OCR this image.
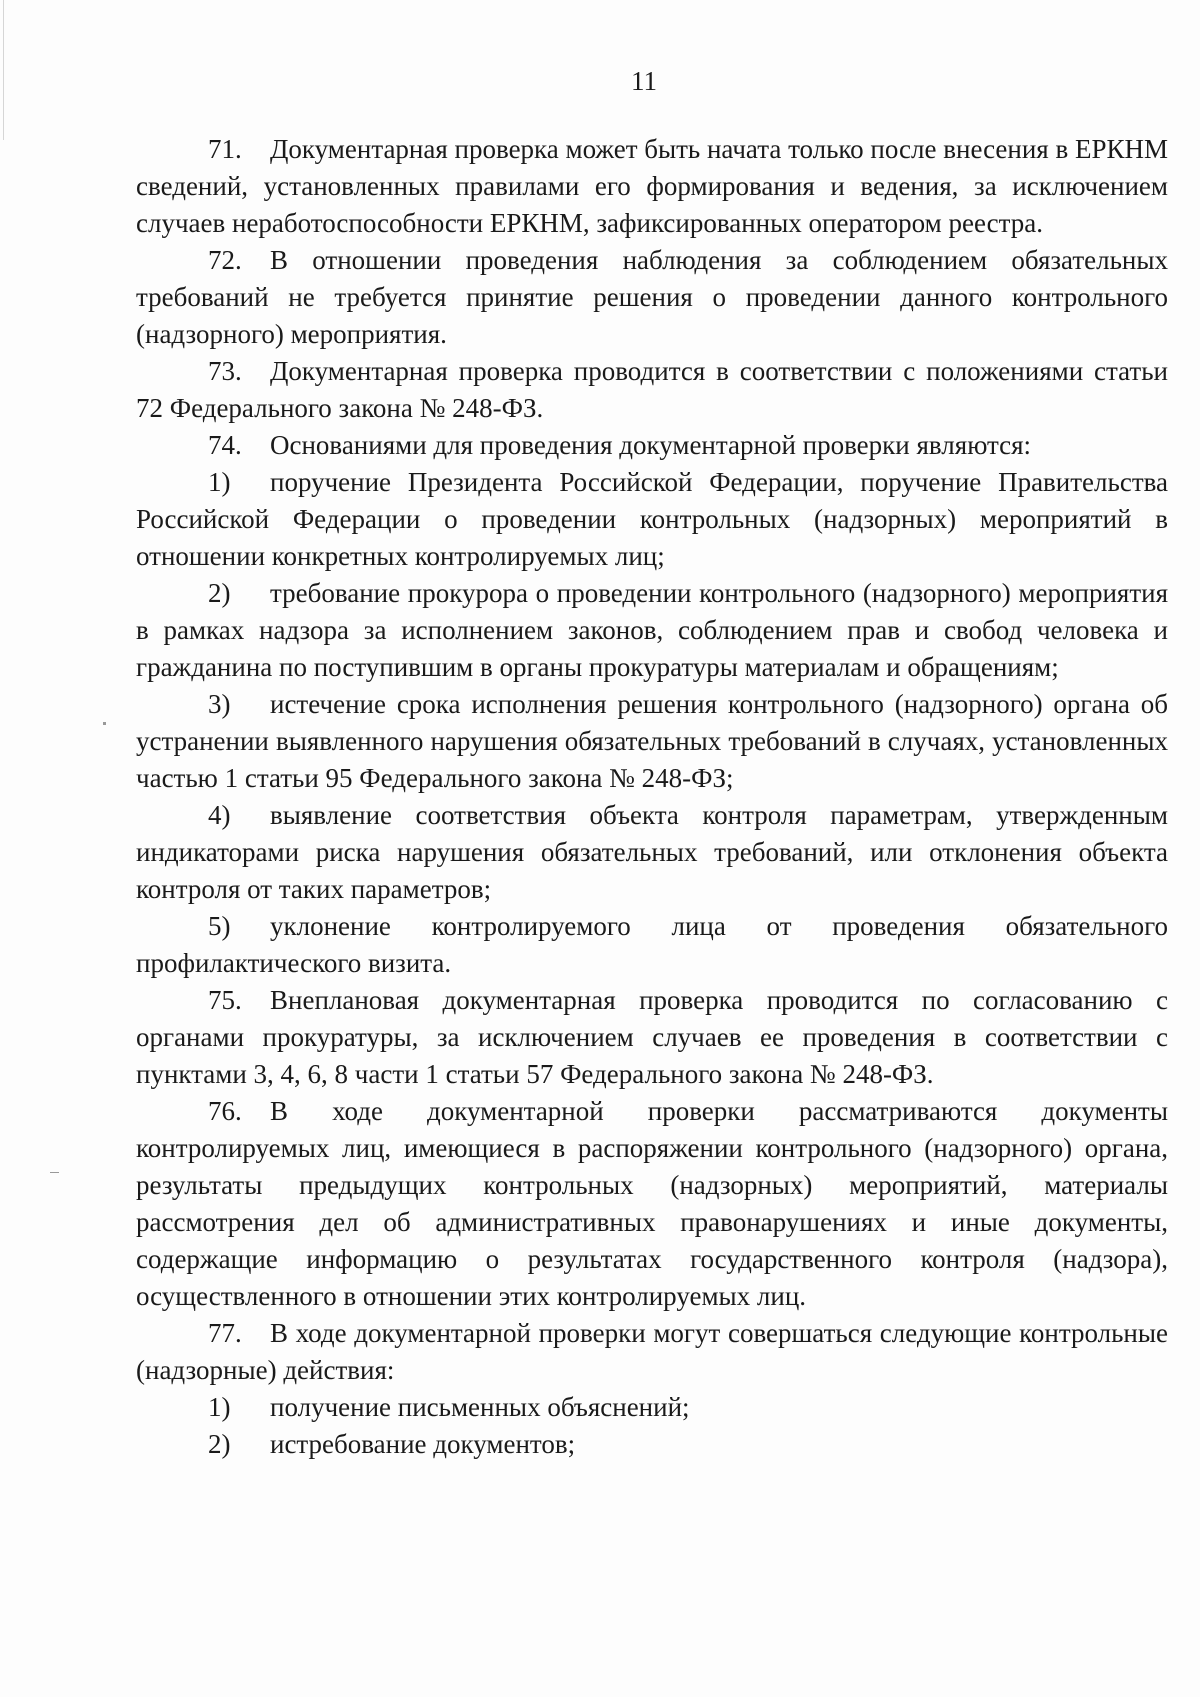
11

71. Документарная проверка может быть начата только после внесения в ЕРКНМ сведений, установленных правилами его формирования и ведения, за исключением случаев неработоспособности ЕРКНМ, зафиксированных оператором реестра.

72. В отношении проведения наблюдения за соблюдением обязательных требований не требуется принятие решения о проведении данного контрольного (надзорного) мероприятия.

73. Документарная проверка проводится в соответствии с положениями статьи 72 Федерального закона № 248-ФЗ.

74. Основаниями для проведения документарной проверки являются:

1) поручение Президента Российской Федерации, поручение Правительства Российской Федерации о проведении контрольных (надзорных) мероприятий в отношении конкретных контролируемых лиц;

2) требование прокурора о проведении контрольного (надзорного) мероприятия в рамках надзора за исполнением законов, соблюдением прав и свобод человека и гражданина по поступившим в органы прокуратуры материалам и обращениям;

3) истечение срока исполнения решения контрольного (надзорного) органа об устранении выявленного нарушения обязательных требований в случаях, установленных частью 1 статьи 95 Федерального закона № 248-ФЗ;

4) выявление соответствия объекта контроля параметрам, утвержденным индикаторами риска нарушения обязательных требований, или отклонения объекта контроля от таких параметров;

5) уклонение контролируемого лица от проведения обязательного профилактического визита.

75. Внеплановая документарная проверка проводится по согласованию с органами прокуратуры, за исключением случаев ее проведения в соответствии с пунктами 3, 4, 6, 8 части 1 статьи 57 Федерального закона № 248-ФЗ.

76. В ходе документарной проверки рассматриваются документы контролируемых лиц, имеющиеся в распоряжении контрольного (надзорного) органа, результаты предыдущих контрольных (надзорных) мероприятий, материалы рассмотрения дел об административных правонарушениях и иные документы, содержащие информацию о результатах государственного контроля (надзора), осуществленного в отношении этих контролируемых лиц.

77. В ходе документарной проверки могут совершаться следующие контрольные (надзорные) действия:

1) получение письменных объяснений;

2) истребование документов;
